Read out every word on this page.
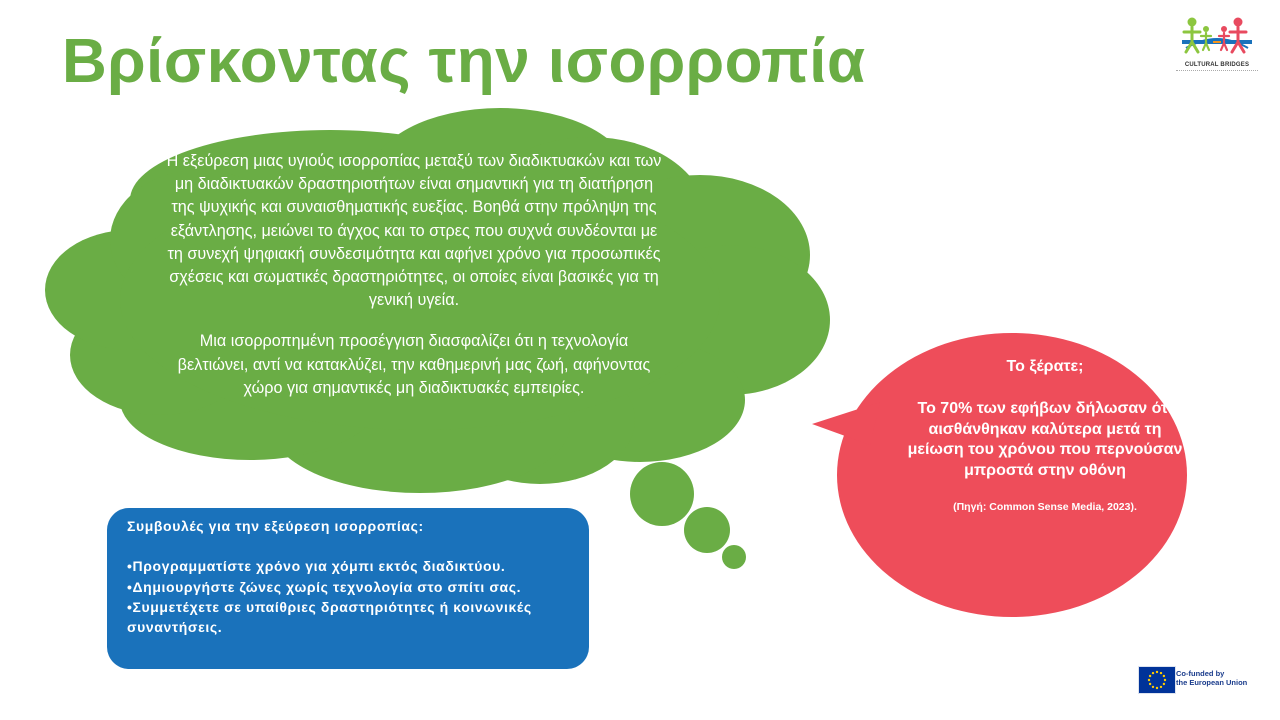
Βρίσκοντας την ισορροπία	CULTURAL BRIDGES

Η εξεύρεση μιας υγιούς ισορροπίας μεταξύ των διαδικτυακών και των μη διαδικτυακών δραστηριοτήτων είναι σημαντική για τη διατήρηση της ψυχικής και συναισθηματικής ευεξίας. Βοηθά στην πρόληψη της εξάντλησης, μειώνει το άγχος και το στρες που συχνά συνδέονται με τη συνεχή ψηφιακή συνδεσιμότητα και αφήνει χρόνο για προσωπικές σχέσεις και σωματικές δραστηριότητες, οι οποίες είναι βασικές για τη γενική υγεία.

Μια ισορροπημένη προσέγγιση διασφαλίζει ότι η τεχνολογία βελτιώνει, αντί να κατακλύζει, την καθημερινή μας ζωή, αφήνοντας χώρο για σημαντικές μη διαδικτυακές εμπειρίες.

Συμβουλές για την εξεύρεση ισορροπίας:

•Προγραμματίστε χρόνο για χόμπι εκτός διαδικτύου.
•Δημιουργήστε ζώνες χωρίς τεχνολογία στο σπίτι σας.
•Συμμετέχετε σε υπαίθριες δραστηριότητες ή κοινωνικές συναντήσεις.

Το ξέρατε;

Το 70% των εφήβων δήλωσαν ότι αισθάνθηκαν καλύτερα μετά τη μείωση του χρόνου που περνούσαν μπροστά στην οθόνη

(Πηγή: Common Sense Media, 2023).

Co-funded by
the European Union
